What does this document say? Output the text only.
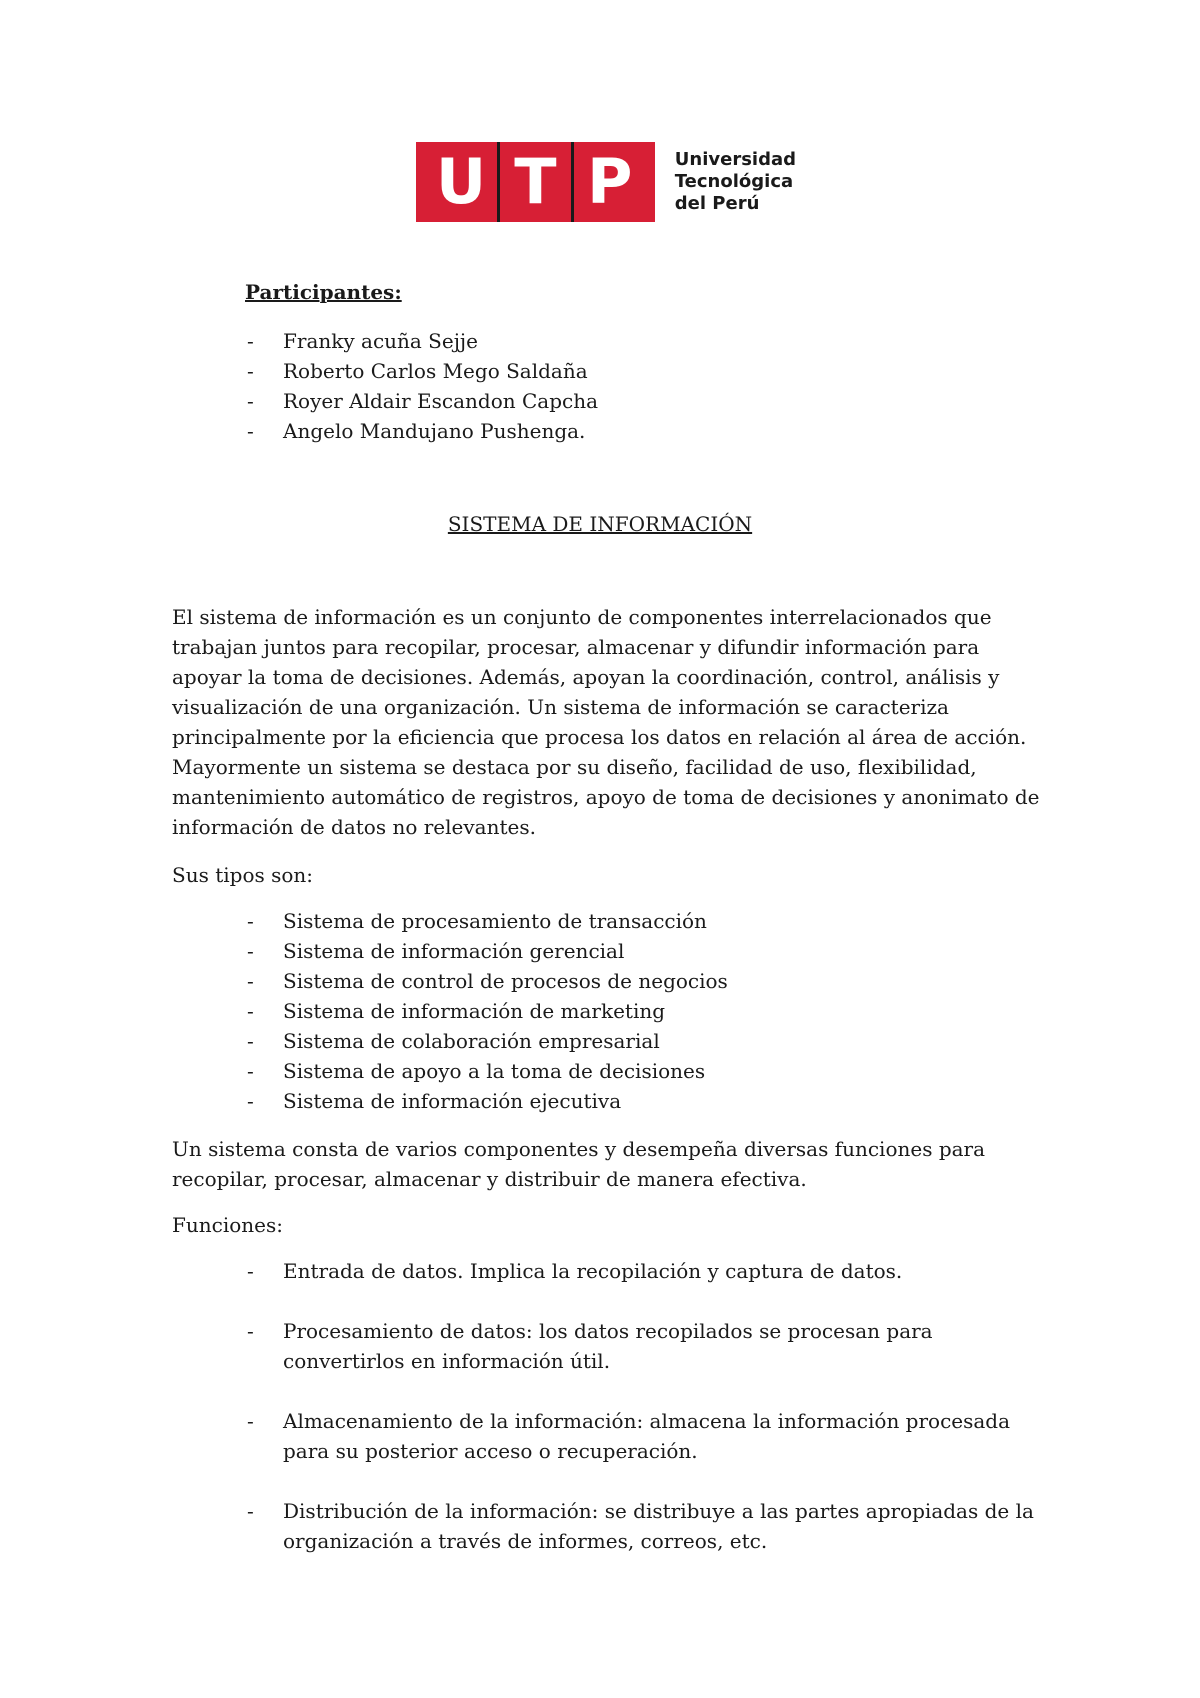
U T P	Universidad
Tecnológica
del Perú

Participantes:

- Franky acuña Sejje
- Roberto Carlos Mego Saldaña
- Royer Aldair Escandon Capcha
- Angelo Mandujano Pushenga.
SISTEMA DE INFORMACIÓN

El sistema de información es un conjunto de componentes interrelacionados que trabajan juntos para recopilar, procesar, almacenar y difundir información para apoyar la toma de decisiones. Además, apoyan la coordinación, control, análisis y visualización de una organización. Un sistema de información se caracteriza principalmente por la eficiencia que procesa los datos en relación al área de acción. Mayormente un sistema se destaca por su diseño, facilidad de uso, flexibilidad, mantenimiento automático de registros, apoyo de toma de decisiones y anonimato de información de datos no relevantes.

Sus tipos son:

- Sistema de procesamiento de transacción
- Sistema de información gerencial
- Sistema de control de procesos de negocios
- Sistema de información de marketing
- Sistema de colaboración empresarial
- Sistema de apoyo a la toma de decisiones
- Sistema de información ejecutiva

Un sistema consta de varios componentes y desempeña diversas funciones para recopilar, procesar, almacenar y distribuir de manera efectiva.

Funciones:

- Entrada de datos. Implica la recopilación y captura de datos.
- Procesamiento de datos: los datos recopilados se procesan para convertirlos en información útil.
- Almacenamiento de la información: almacena la información procesada para su posterior acceso o recuperación.
- Distribución de la información: se distribuye a las partes apropiadas de la organización a través de informes, correos, etc.
